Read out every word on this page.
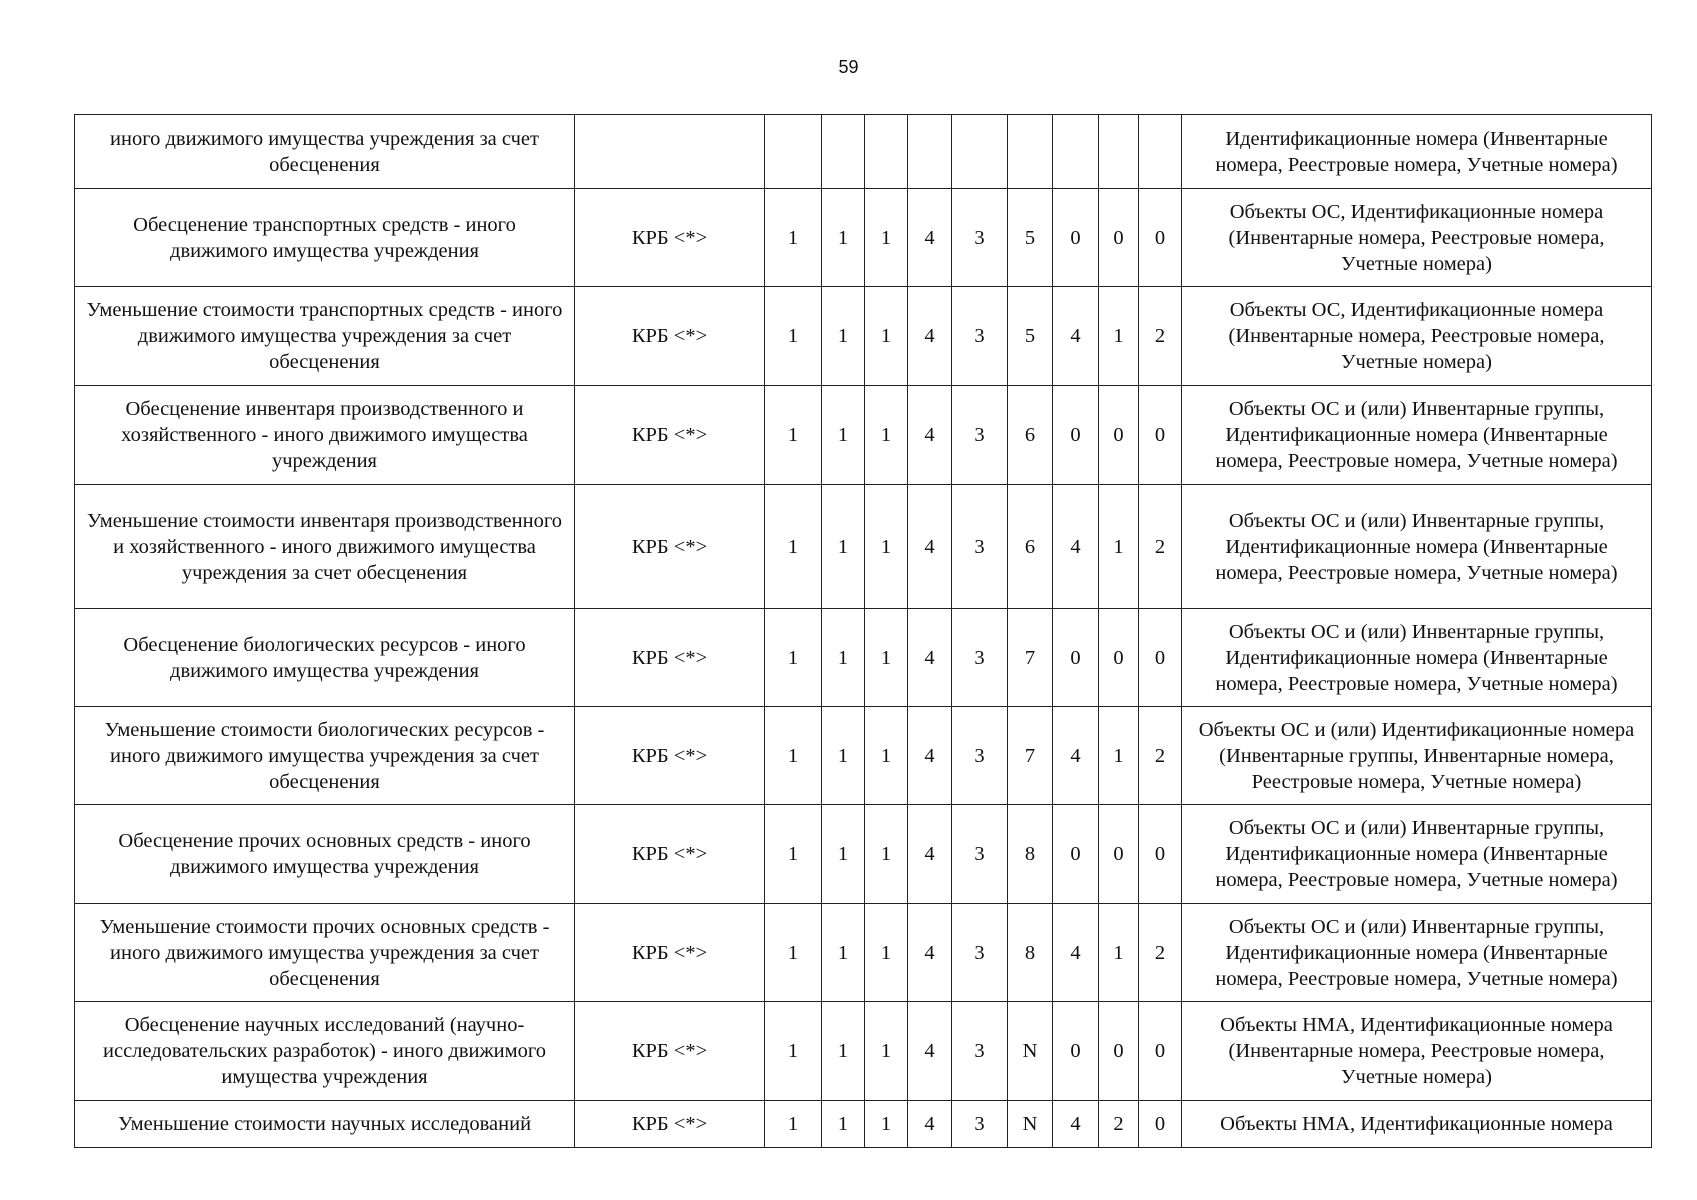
59
иного движимого имущества учреждения за счет обесценения											Идентификационные номера (Инвентарные номера, Реестровые номера, Учетные номера)
Обесценение транспортных средств - иного движимого имущества учреждения	КРБ <*>	1	1	1	4	3	5	0	0	0	Объекты ОС, Идентификационные номера (Инвентарные номера, Реестровые номера, Учетные номера)
Уменьшение стоимости транспортных средств - иного движимого имущества учреждения за счет обесценения	КРБ <*>	1	1	1	4	3	5	4	1	2	Объекты ОС, Идентификационные номера (Инвентарные номера, Реестровые номера, Учетные номера)
Обесценение инвентаря производственного и хозяйственного - иного движимого имущества учреждения	КРБ <*>	1	1	1	4	3	6	0	0	0	Объекты ОС и (или) Инвентарные группы, Идентификационные номера (Инвентарные номера, Реестровые номера, Учетные номера)
Уменьшение стоимости инвентаря производственного и хозяйственного - иного движимого имущества учреждения за счет обесценения	КРБ <*>	1	1	1	4	3	6	4	1	2	Объекты ОС и (или) Инвентарные группы, Идентификационные номера (Инвентарные номера, Реестровые номера, Учетные номера)
Обесценение биологических ресурсов - иного движимого имущества учреждения	КРБ <*>	1	1	1	4	3	7	0	0	0	Объекты ОС и (или) Инвентарные группы, Идентификационные номера (Инвентарные номера, Реестровые номера, Учетные номера)
Уменьшение стоимости биологических ресурсов - иного движимого имущества учреждения за счет обесценения	КРБ <*>	1	1	1	4	3	7	4	1	2	Объекты ОС и (или) Идентификационные номера (Инвентарные группы, Инвентарные номера, Реестровые номера, Учетные номера)
Обесценение прочих основных средств - иного движимого имущества учреждения	КРБ <*>	1	1	1	4	3	8	0	0	0	Объекты ОС и (или) Инвентарные группы, Идентификационные номера (Инвентарные номера, Реестровые номера, Учетные номера)
Уменьшение стоимости прочих основных средств - иного движимого имущества учреждения за счет обесценения	КРБ <*>	1	1	1	4	3	8	4	1	2	Объекты ОС и (или) Инвентарные группы, Идентификационные номера (Инвентарные номера, Реестровые номера, Учетные номера)
Обесценение научных исследований (научно-исследовательских разработок) - иного движимого имущества учреждения	КРБ <*>	1	1	1	4	3	N	0	0	0	Объекты НМА, Идентификационные номера (Инвентарные номера, Реестровые номера, Учетные номера)
Уменьшение стоимости научных исследований	КРБ <*>	1	1	1	4	3	N	4	2	0	Объекты НМА, Идентификационные номера
